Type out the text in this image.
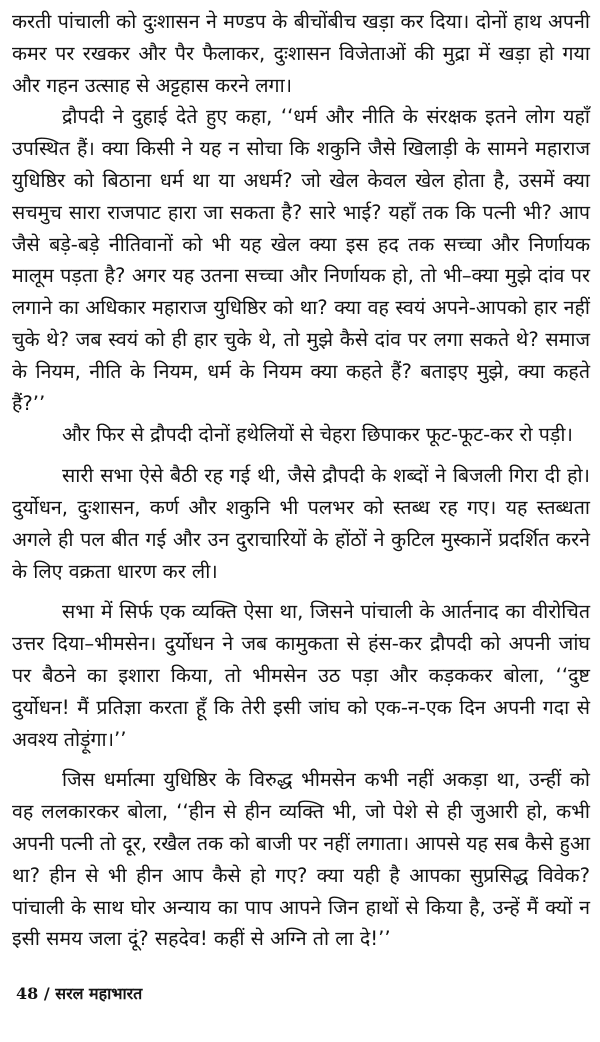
करती पांचाली को दुःशासन ने मण्डप के बीचोंबीच खड़ा कर दिया। दोनों हाथ अपनी कमर पर रखकर और पैर फैलाकर, दुःशासन विजेताओं की मुद्रा में खड़ा हो गया और गहन उत्साह से अट्टहास करने लगा।

द्रौपदी ने दुहाई देते हुए कहा, ‘‘धर्म और नीति के संरक्षक इतने लोग यहाँ उपस्थित हैं। क्या किसी ने यह न सोचा कि शकुनि जैसे खिलाड़ी के सामने महाराज युधिष्ठिर को बिठाना धर्म था या अधर्म? जो खेल केवल खेल होता है, उसमें क्या सचमुच सारा राजपाट हारा जा सकता है? सारे भाई? यहाँ तक कि पत्नी भी? आप जैसे बड़े-बड़े नीतिवानों को भी यह खेल क्या इस हद तक सच्चा और निर्णायक मालूम पड़ता है? अगर यह उतना सच्चा और निर्णायक हो, तो भी–क्या मुझे दांव पर लगाने का अधिकार महाराज युधिष्ठिर को था? क्या वह स्वयं अपने-आपको हार नहीं चुके थे? जब स्वयं को ही हार चुके थे, तो मुझे कैसे दांव पर लगा सकते थे? समाज के नियम, नीति के नियम, धर्म के नियम क्या कहते हैं? बताइए मुझे, क्या कहते हैं?’’

और फिर से द्रौपदी दोनों हथेलियों से चेहरा छिपाकर फूट-फूट-कर रो पड़ी।

सारी सभा ऐसे बैठी रह गई थी, जैसे द्रौपदी के शब्दों ने बिजली गिरा दी हो। दुर्योधन, दुःशासन, कर्ण और शकुनि भी पलभर को स्तब्ध रह गए। यह स्तब्धता अगले ही पल बीत गई और उन दुराचारियों के होंठों ने कुटिल मुस्कानें प्रदर्शित करने के लिए वक्रता धारण कर ली।

सभा में सिर्फ एक व्यक्ति ऐसा था, जिसने पांचाली के आर्तनाद का वीरोचित उत्तर दिया–भीमसेन। दुर्योधन ने जब कामुकता से हंस-कर द्रौपदी को अपनी जांघ पर बैठने का इशारा किया, तो भीमसेन उठ पड़ा और कड़ककर बोला, ‘‘दुष्ट दुर्योधन! मैं प्रतिज्ञा करता हूँ कि तेरी इसी जांघ को एक-न-एक दिन अपनी गदा से अवश्य तोड़ूंगा।’’

जिस धर्मात्मा युधिष्ठिर के विरुद्ध भीमसेन कभी नहीं अकड़ा था, उन्हीं को वह ललकारकर बोला, ‘‘हीन से हीन व्यक्ति भी, जो पेशे से ही जुआरी हो, कभी अपनी पत्नी तो दूर, रखैल तक को बाजी पर नहीं लगाता। आपसे यह सब कैसे हुआ था? हीन से भी हीन आप कैसे हो गए? क्या यही है आपका सुप्रसिद्ध विवेक? पांचाली के साथ घोर अन्याय का पाप आपने जिन हाथों से किया है, उन्हें मैं क्यों न इसी समय जला दूं? सहदेव! कहीं से अग्नि तो ला दे!’’

48 / सरल महाभारत
